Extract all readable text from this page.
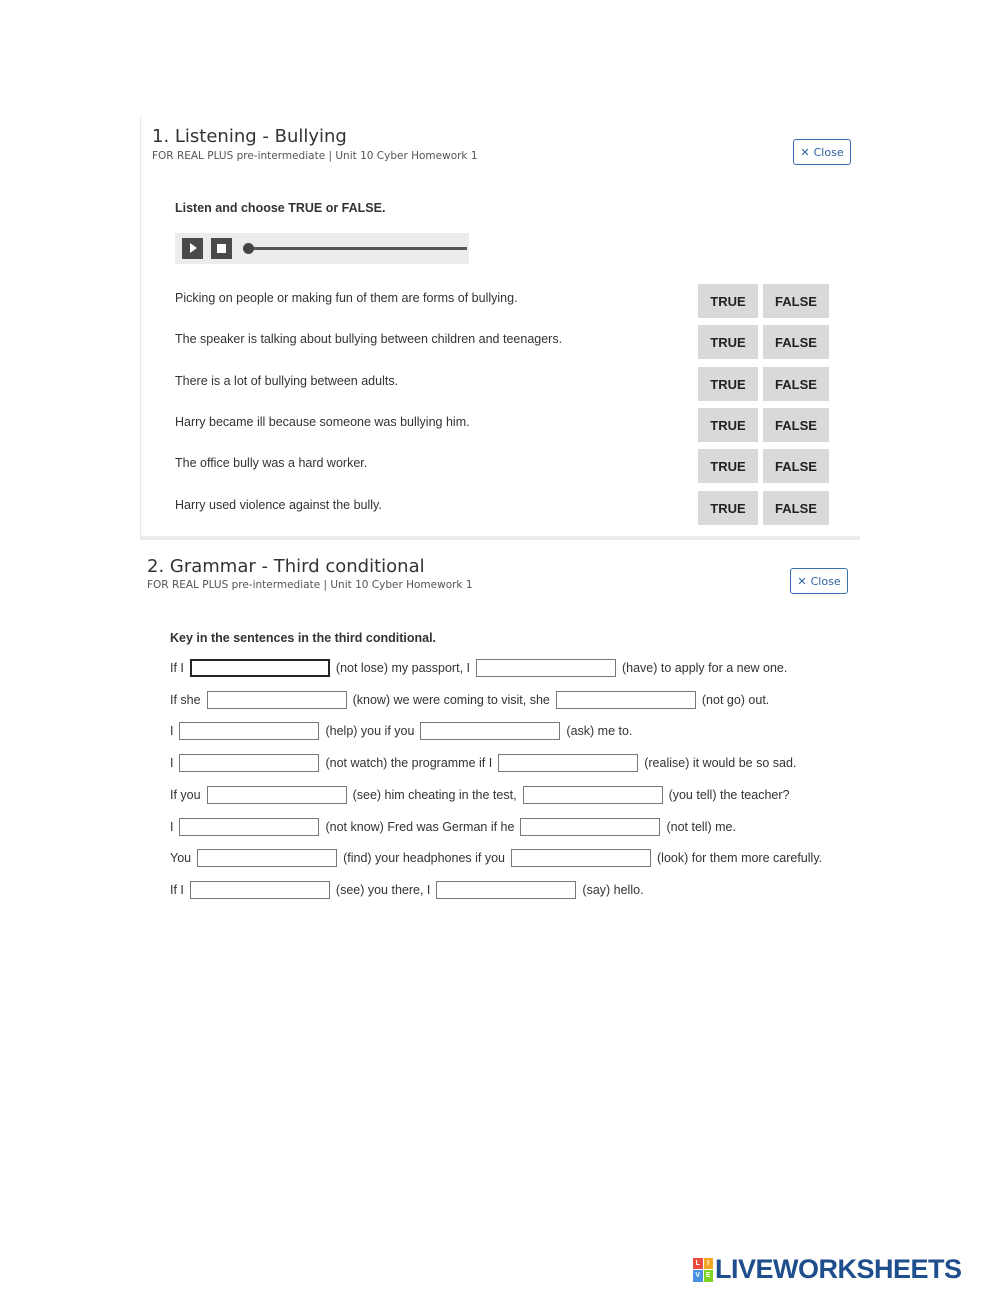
1. Listening - Bullying
FOR REAL PLUS pre-intermediate | Unit 10 Cyber Homework 1	✕ Close
Listen and choose TRUE or FALSE.
Picking on people or making fun of them are forms of bullying.	TRUE	FALSE
The speaker is talking about bullying between children and teenagers.	TRUE	FALSE
There is a lot of bullying between adults.	TRUE	FALSE
Harry became ill because someone was bullying him.	TRUE	FALSE
The office bully was a hard worker.	TRUE	FALSE
Harry used violence against the bully.	TRUE	FALSE
2. Grammar - Third conditional
FOR REAL PLUS pre-intermediate | Unit 10 Cyber Homework 1	✕ Close
Key in the sentences in the third conditional.
If I	(not lose) my passport, I	(have) to apply for a new one.
If she	(know) we were coming to visit, she	(not go) out.
I	(help) you if you	(ask) me to.
I	(not watch) the programme if I	(realise) it would be so sad.
If you	(see) him cheating in the test,	(you tell) the teacher?
I	(not know) Fred was German if he	(not tell) me.
You	(find) your headphones if you	(look) for them more carefully.
If I	(see) you there, I	(say) hello.
L	I
V E LIVEWORKSHEETS
